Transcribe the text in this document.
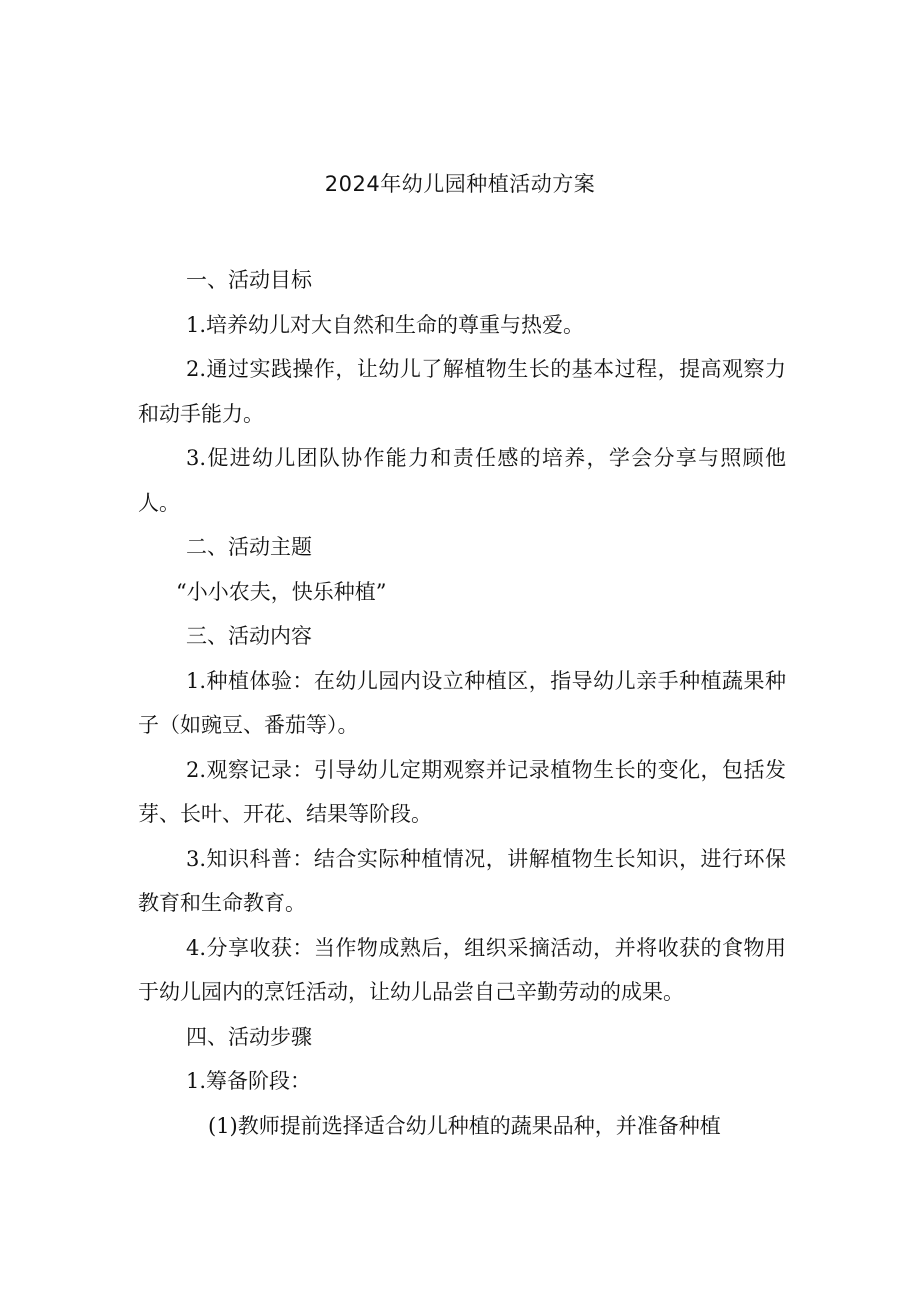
2024年幼儿园种植活动方案

一、活动目标

1.培养幼儿对大自然和生命的尊重与热爱。

2.通过实践操作，让幼儿了解植物生长的基本过程，提高观察力和动手能力。

3.促进幼儿团队协作能力和责任感的培养，学会分享与照顾他人。

二、活动主题

“小小农夫，快乐种植”

三、活动内容

1.种植体验：在幼儿园内设立种植区，指导幼儿亲手种植蔬果种子（如豌豆、番茄等）。

2.观察记录：引导幼儿定期观察并记录植物生长的变化，包括发芽、长叶、开花、结果等阶段。

3.知识科普：结合实际种植情况，讲解植物生长知识，进行环保教育和生命教育。

4.分享收获：当作物成熟后，组织采摘活动，并将收获的食物用于幼儿园内的烹饪活动，让幼儿品尝自己辛勤劳动的成果。

四、活动步骤

1.筹备阶段：

(1)教师提前选择适合幼儿种植的蔬果品种，并准备种植
